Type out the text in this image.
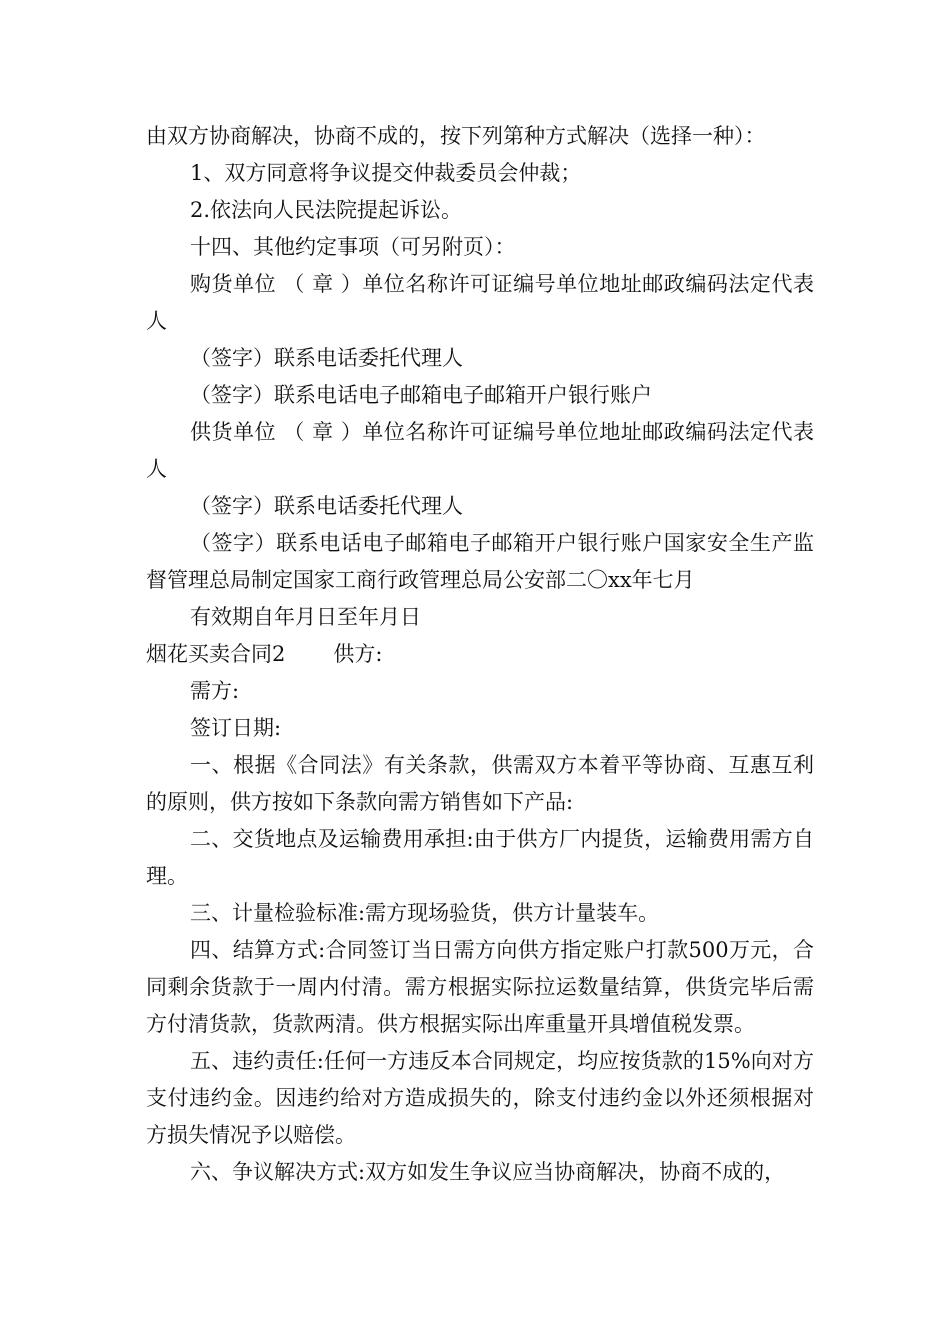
由双方协商解决，协商不成的，按下列第种方式解决（选择一种）：

1、双方同意将争议提交仲裁委员会仲裁；

2.依法向人民法院提起诉讼。

十四、其他约定事项（可另附页）：

购货单位 （ 章 ）单位名称许可证编号单位地址邮政编码法定代表人

（签字）联系电话委托代理人

（签字）联系电话电子邮箱电子邮箱开户银行账户

供货单位 （ 章 ）单位名称许可证编号单位地址邮政编码法定代表人

（签字）联系电话委托代理人

（签字）联系电话电子邮箱电子邮箱开户银行账户国家安全生产监督管理总局制定国家工商行政管理总局公安部二〇xx年七月

有效期自年月日至年月日

烟花买卖合同2 供方:

需方:

签订日期:

一、根据《合同法》有关条款，供需双方本着平等协商、互惠互利的原则，供方按如下条款向需方销售如下产品:

二、交货地点及运输费用承担:由于供方厂内提货，运输费用需方自理。

三、计量检验标准:需方现场验货，供方计量装车。

四、结算方式:合同签订当日需方向供方指定账户打款500万元，合同剩余货款于一周内付清。需方根据实际拉运数量结算，供货完毕后需方付清货款，货款两清。供方根据实际出库重量开具增值税发票。

五、违约责任:任何一方违反本合同规定，均应按货款的15%向对方支付违约金。因违约给对方造成损失的，除支付违约金以外还须根据对方损失情况予以赔偿。

六、争议解决方式:双方如发生争议应当协商解决，协商不成的，
